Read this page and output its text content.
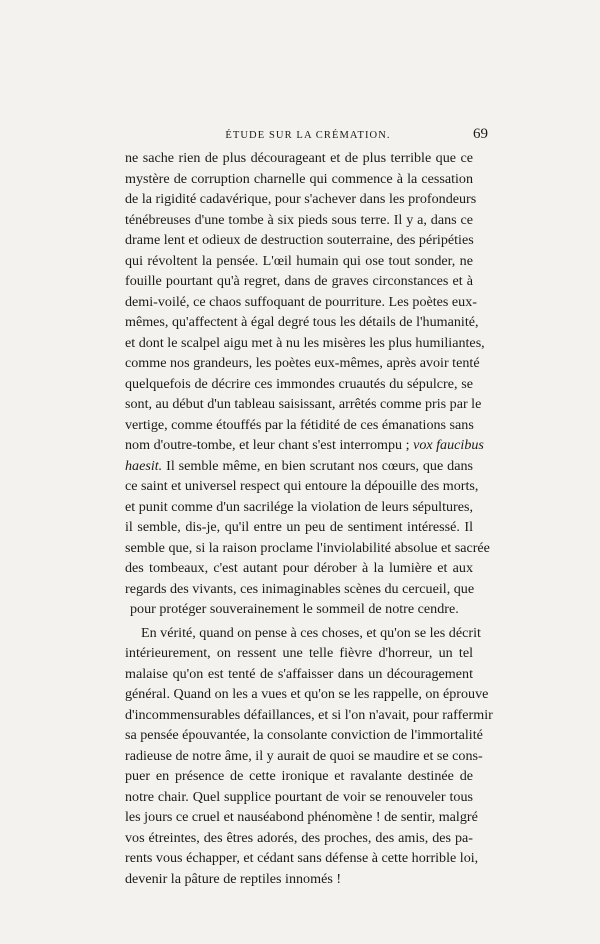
ÉTUDE SUR LA CRÉMATION.	69
ne sache rien de plus décourageant et de plus terrible que ce
mystère de corruption charnelle qui commence à la cessation
de la rigidité cadavérique, pour s'achever dans les profondeurs
ténébreuses d'une tombe à six pieds sous terre. Il y a, dans ce
drame lent et odieux de destruction souterraine, des péripéties
qui révoltent la pensée. L'œil humain qui ose tout sonder, ne
fouille pourtant qu'à regret, dans de graves circonstances et à
demi-voilé, ce chaos suffoquant de pourriture. Les poètes eux-
mêmes, qu'affectent à égal degré tous les détails de l'humanité,
et dont le scalpel aigu met à nu les misères les plus humiliantes,
comme nos grandeurs, les poètes eux-mêmes, après avoir tenté
quelquefois de décrire ces immondes cruautés du sépulcre, se
sont, au début d'un tableau saisissant, arrêtés comme pris par le
vertige, comme étouffés par la fétidité de ces émanations sans
nom d'outre-tombe, et leur chant s'est interrompu ; vox faucibus
haesit. Il semble même, en bien scrutant nos cœurs, que dans
ce saint et universel respect qui entoure la dépouille des morts,
et punit comme d'un sacrilége la violation de leurs sépultures,
il semble, dis-je, qu'il entre un peu de sentiment intéressé. Il
semble que, si la raison proclame l'inviolabilité absolue et sacrée
des tombeaux, c'est autant pour dérober à la lumière et aux
regards des vivants, ces inimaginables scènes du cercueil, que
pour protéger souverainement le sommeil de notre cendre.
En vérité, quand on pense à ces choses, et qu'on se les décrit
intérieurement, on ressent une telle fièvre d'horreur, un tel
malaise qu'on est tenté de s'affaisser dans un découragement
général. Quand on les a vues et qu'on se les rappelle, on éprouve
d'incommensurables défaillances, et si l'on n'avait, pour raffermir
sa pensée épouvantée, la consolante conviction de l'immortalité
radieuse de notre âme, il y aurait de quoi se maudire et se cons-
puer en présence de cette ironique et ravalante destinée de
notre chair. Quel supplice pourtant de voir se renouveler tous
les jours ce cruel et nauséabond phénomène ! de sentir, malgré
vos étreintes, des êtres adorés, des proches, des amis, des pa-
rents vous échapper, et cédant sans défense à cette horrible loi,
devenir la pâture de reptiles innomés !
